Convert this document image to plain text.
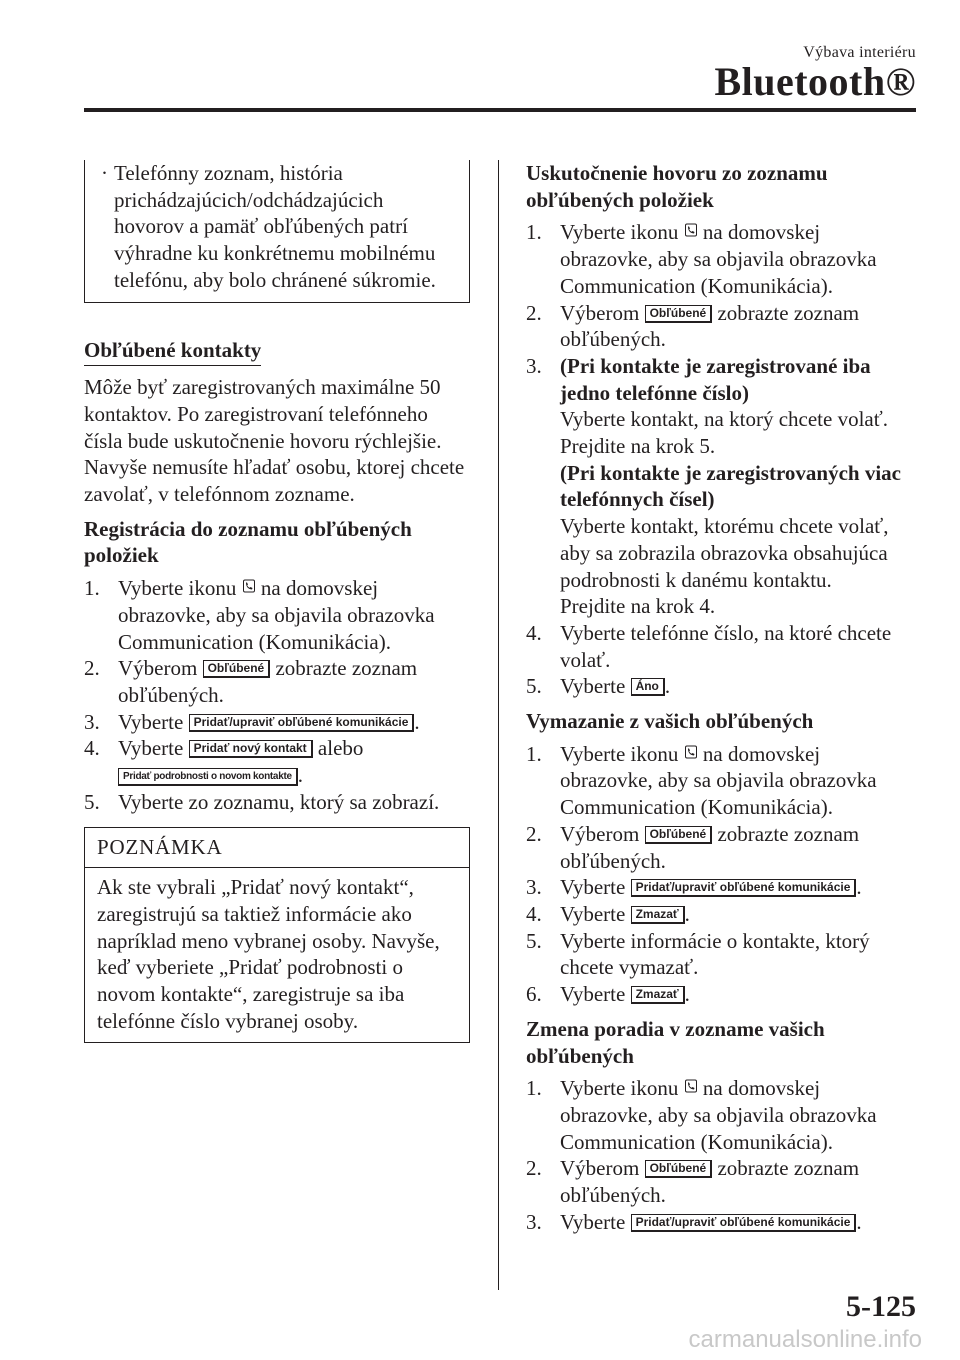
Výbava interiéru
Bluetooth®
· Telefónny zoznam, história prichádzajúcich/odchádzajúcich hovorov a pamäť obľúbených patrí výhradne ku konkrétnemu mobilnému telefónu, aby bolo chránené súkromie.

Obľúbené kontakty

Môže byť zaregistrovaných maximálne 50 kontaktov. Po zaregistrovaní telefónneho čísla bude uskutočnenie hovoru rýchlejšie. Navyše nemusíte hľadať osobu, ktorej chcete zavolať, v telefónnom zozname.

Registrácia do zoznamu obľúbených položiek

1. Vyberte ikonu na domovskej obrazovke, aby sa objavila obrazovka Communication (Komunikácia).
2. Výberom Obľúbené zobrazte zoznam obľúbených.
3. Vyberte Pridať/upraviť obľúbené komunikácie .
4. Vyberte Pridať nový kontakt alebo
Pridať podrobnosti o novom kontakte .
5. Vyberte zo zoznamu, ktorý sa zobrazí.
POZNÁMKA
Ak ste vybrali „Pridať nový kontakt“, zaregistrujú sa taktiež informácie ako napríklad meno vybranej osoby. Navyše, keď vyberiete „Pridať podrobnosti o novom kontakte“, zaregistruje sa iba telefónne číslo vybranej osoby.

Uskutočnenie hovoru zo zoznamu obľúbených položiek

1. Vyberte ikonu na domovskej obrazovke, aby sa objavila obrazovka Communication (Komunikácia).
2. Výberom Obľúbené zobrazte zoznam obľúbených.
3. (Pri kontakte je zaregistrované iba jedno telefónne číslo)
Vyberte kontakt, na ktorý chcete volať.
Prejdite na krok 5.
(Pri kontakte je zaregistrovaných viac telefónnych čísel)
Vyberte kontakt, ktorému chcete volať, aby sa zobrazila obrazovka obsahujúca podrobnosti k danému kontaktu.
Prejdite na krok 4.
4. Vyberte telefónne číslo, na ktoré chcete volať.
5. Vyberte Áno .

Vymazanie z vašich obľúbených

1. Vyberte ikonu na domovskej obrazovke, aby sa objavila obrazovka Communication (Komunikácia).
2. Výberom Obľúbené zobrazte zoznam obľúbených.
3. Vyberte Pridať/upraviť obľúbené komunikácie .
4. Vyberte Zmazať .
5. Vyberte informácie o kontakte, ktorý chcete vymazať.
6. Vyberte Zmazať .

Zmena poradia v zozname vašich obľúbených

1. Vyberte ikonu na domovskej obrazovke, aby sa objavila obrazovka Communication (Komunikácia).
2. Výberom Obľúbené zobrazte zoznam obľúbených.
3. Vyberte Pridať/upraviť obľúbené komunikácie .
5-125
carmanualsonline.info
